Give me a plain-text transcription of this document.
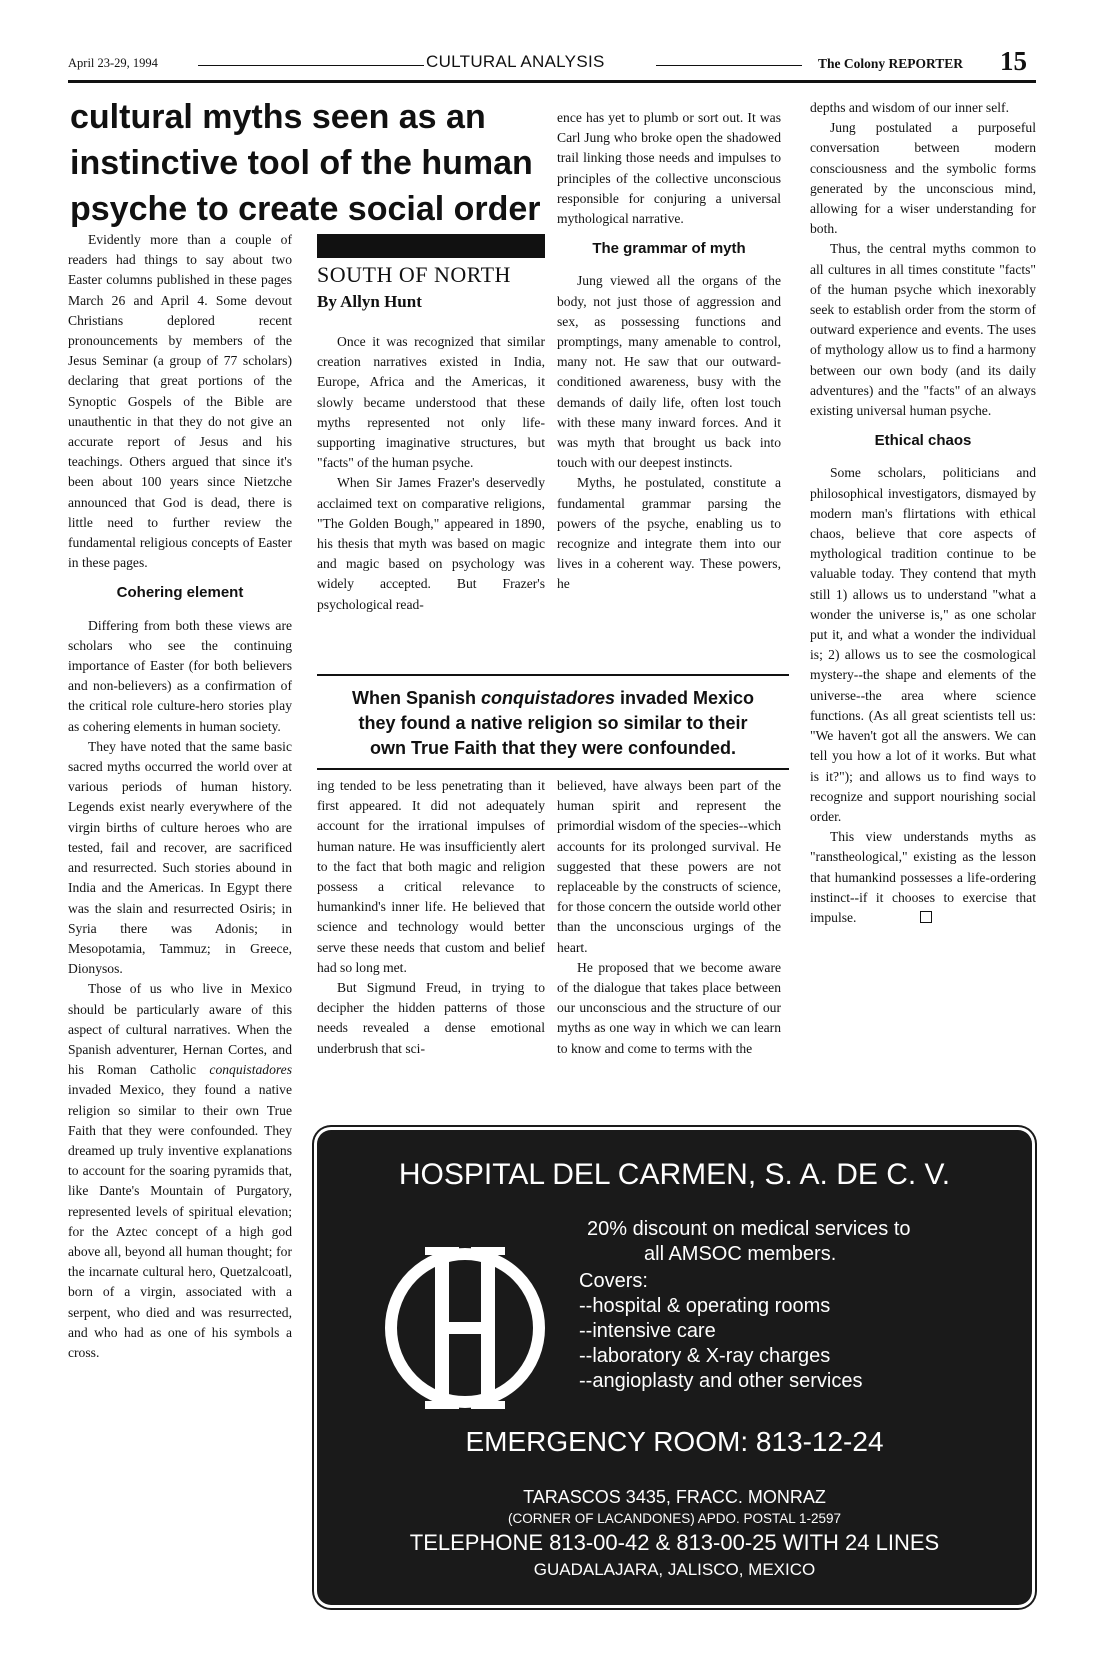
April 23-29, 1994	CULTURAL ANALYSIS	The Colony REPORTER 15
cultural myths seen as an
instinctive tool of the human
psyche to create social order

Evidently more than a couple of readers had things to say about two Easter columns published in these pages March 26 and April 4. Some devout Christians deplored recent pronouncements by members of the Jesus Seminar (a group of 77 scholars) declaring that great portions of the Synoptic Gospels of the Bible are unauthentic in that they do not give an accurate report of Jesus and his teachings. Others argued that since it's been about 100 years since Nietzche announced that God is dead, there is little need to further review the fundamental religious concepts of Easter in these pages.

Cohering element

Differing from both these views are scholars who see the continuing importance of Easter (for both believers and non-believers) as a confirmation of the critical role culture-hero stories play as cohering elements in human society.

They have noted that the same basic sacred myths occurred the world over at various periods of human history. Legends exist nearly everywhere of the virgin births of culture heroes who are tested, fail and recover, are sacrificed and resurrected. Such stories abound in India and the Americas. In Egypt there was the slain and resurrected Osiris; in Syria there was Adonis; in Mesopotamia, Tammuz; in Greece, Dionysos.

Those of us who live in Mexico should be particularly aware of this aspect of cultural narratives. When the Spanish adventurer, Hernan Cortes, and his Roman Catholic conquistadores invaded Mexico, they found a native religion so similar to their own True Faith that they were confounded. They dreamed up truly inventive explanations to account for the soaring pyramids that, like Dante's Mountain of Purgatory, represented levels of spiritual elevation; for the Aztec concept of a high god above all, beyond all human thought; for the incarnate cultural hero, Quetzalcoatl, born of a virgin, associated with a serpent, who died and was resurrected, and who had as one of his symbols a cross.

SOUTH OF NORTH
By Allyn Hunt

Once it was recognized that similar creation narratives existed in India, Europe, Africa and the Americas, it slowly became understood that these myths represented not only life-supporting imaginative structures, but "facts" of the human psyche.

When Sir James Frazer's deservedly acclaimed text on comparative religions, "The Golden Bough," appeared in 1890, his thesis that myth was based on magic and magic based on psychology was widely accepted. But Frazer's psychological read-

ence has yet to plumb or sort out. It was Carl Jung who broke open the shadowed trail linking those needs and impulses to principles of the collective unconscious responsible for conjuring a universal mythological narrative.

The grammar of myth

Jung viewed all the organs of the body, not just those of aggression and sex, as possessing functions and promptings, many amenable to control, many not. He saw that our outward-conditioned awareness, busy with the demands of daily life, often lost touch with these many inward forces. And it was myth that brought us back into touch with our deepest instincts.

Myths, he postulated, constitute a fundamental grammar parsing the powers of the psyche, enabling us to recognize and integrate them into our lives in a coherent way. These powers, he

When Spanish conquistadores invaded Mexico
they found a native religion so similar to their
own True Faith that they were confounded.

ing tended to be less penetrating than it first appeared. It did not adequately account for the irrational impulses of human nature. He was insufficiently alert to the fact that both magic and religion possess a critical relevance to humankind's inner life. He believed that science and technology would better serve these needs that custom and belief had so long met.

But Sigmund Freud, in trying to decipher the hidden patterns of those needs revealed a dense emotional underbrush that sci-

believed, have always been part of the human spirit and represent the primordial wisdom of the species--which accounts for its prolonged survival. He suggested that these powers are not replaceable by the constructs of science, for those concern the outside world other than the unconscious urgings of the heart.

He proposed that we become aware of the dialogue that takes place between our unconscious and the structure of our myths as one way in which we can learn to know and come to terms with the

depths and wisdom of our inner self.

Jung postulated a purposeful conversation between modern consciousness and the symbolic forms generated by the unconscious mind, allowing for a wiser understanding for both.

Thus, the central myths common to all cultures in all times constitute "facts" of the human psyche which inexorably seek to establish order from the storm of outward experience and events. The uses of mythology allow us to find a harmony between our own body (and its daily adventures) and the "facts" of an always existing universal human psyche.

Ethical chaos

Some scholars, politicians and philosophical investigators, dismayed by modern man's flirtations with ethical chaos, believe that core aspects of mythological tradition continue to be valuable today. They contend that myth still 1) allows us to understand "what a wonder the universe is," as one scholar put it, and what a wonder the individual is; 2) allows us to see the cosmological mystery--the shape and elements of the universe--the area where science functions. (As all great scientists tell us: "We haven't got all the answers. We can tell you how a lot of it works. But what is it?"); and allows us to find ways to recognize and support nourishing social order.

This view understands myths as "ranstheological," existing as the lesson that humankind possesses a life-ordering instinct--if it chooses to exercise that impulse.

HOSPITAL DEL CARMEN, S. A. DE C. V.
20% discount on medical services to
all AMSOC members.
Covers:
--hospital & operating rooms
--intensive care
--laboratory & X-ray charges
--angioplasty and other services
EMERGENCY ROOM: 813-12-24
TARASCOS 3435, FRACC. MONRAZ
(CORNER OF LACANDONES) APDO. POSTAL 1-2597
TELEPHONE 813-00-42 & 813-00-25 WITH 24 LINES
GUADALAJARA, JALISCO, MEXICO
